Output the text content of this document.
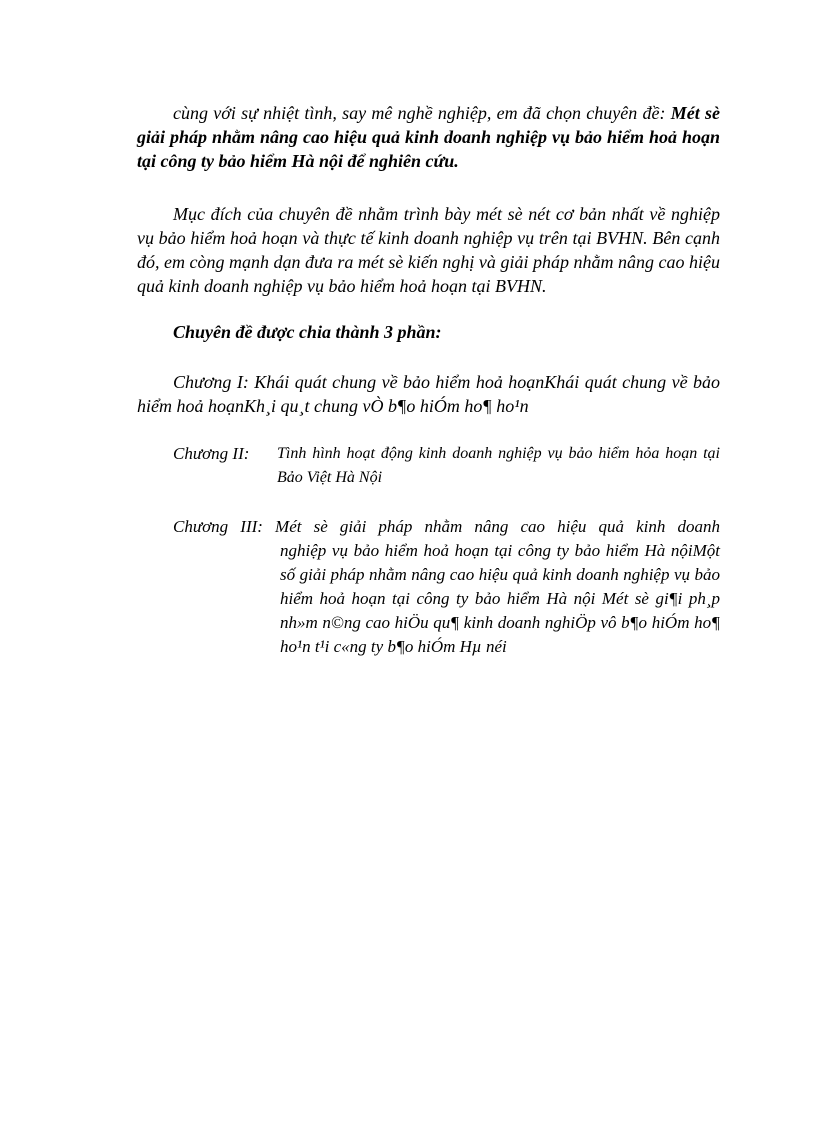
cùng với sự nhiệt tình, say mê nghề nghiệp, em đã chọn chuyên đề: Mét sè giải pháp nhằm nâng cao hiệu quả kinh doanh nghiệp vụ bảo hiểm hoả hoạn tại công ty bảo hiểm Hà nội để nghiên cứu.

Mục đích của chuyên đề nhằm trình bày mét sè nét cơ bản nhất về nghiệp vụ bảo hiểm hoả hoạn và thực tế kinh doanh nghiệp vụ trên tại BVHN. Bên cạnh đó, em còng mạnh dạn đưa ra mét sè kiến nghị và giải pháp nhằm nâng cao hiệu quả kinh doanh nghiệp vụ bảo hiểm hoả hoạn tại BVHN.

Chuyên đề được chia thành 3 phần:

Chương I: Khái quát chung về bảo hiểm hoả hoạnKhái quát chung về bảo hiểm hoả hoạnKh¸i qu¸t chung vÒ b¶o hiÓm ho¶ ho¹n

Chương II: Tình hình hoạt động kinh doanh nghiệp vụ bảo hiểm hỏa hoạn tại Bảo Việt Hà Nội
Chương III: Mét sè giải pháp nhằm nâng cao hiệu quả kinh doanh
nghiệp vụ bảo hiểm hoả hoạn tại công ty bảo hiểm Hà nộiMột số giải pháp nhằm nâng cao hiệu quả kinh doanh nghiệp vụ bảo hiểm hoả hoạn tại công ty bảo hiểm Hà nội Mét sè gi¶i ph¸p nh»m n©ng cao hiÖu qu¶ kinh doanh nghiÖp vô b¶o hiÓm ho¶ ho¹n t¹i c«ng ty b¶o hiÓm Hµ néi
